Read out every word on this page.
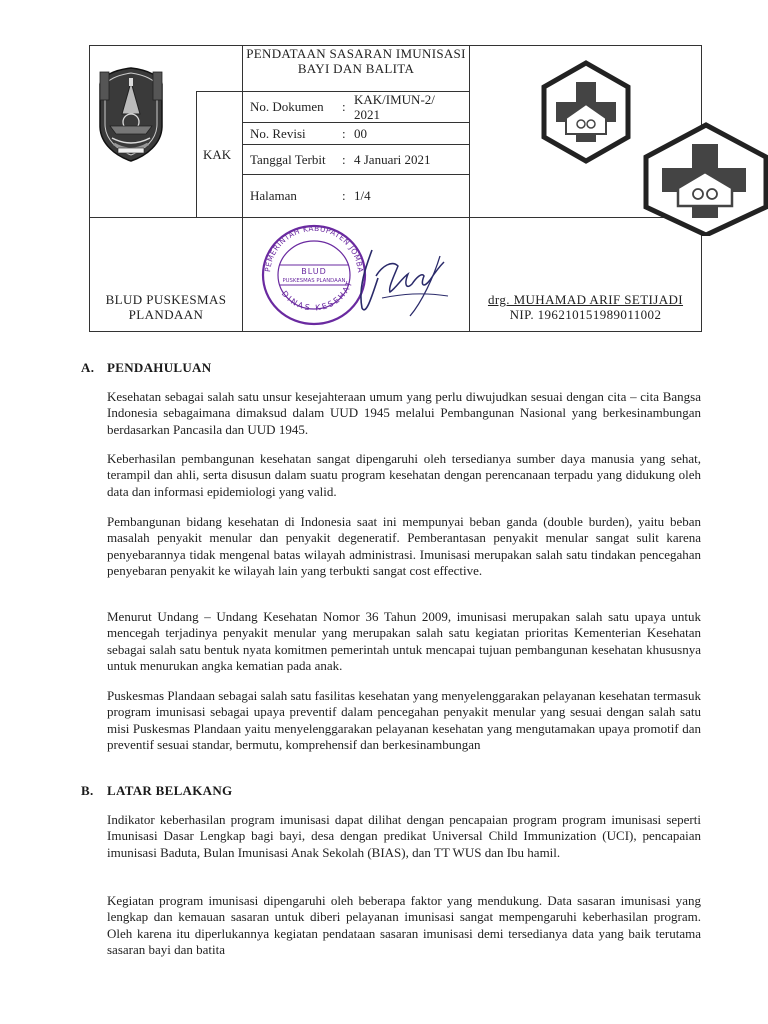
PENDATAAN SASARAN IMUNISASI
BAYI DAN BALITA
KAK
No. Dokumen : KAK/IMUN-2/
2021
No. Revisi	: 00
Tanggal Terbit : 4 Januari 2021
Halaman	: 1/4
BLUD PUSKESMAS
PLANDAAN
drg. MUHAMAD ARIF SETIJADI
NIP. 196210151989011002
PEMERINTAH KABUPATEN JOMBA
DINAS KESEHAT
BLUD
PUSKESMAS PLANDAAN
A. PENDAHULUAN
Kesehatan sebagai salah satu unsur kesejahteraan umum yang perlu diwujudkan sesuai dengan cita – cita Bangsa Indonesia sebagaimana dimaksud dalam UUD 1945 melalui Pembangunan Nasional yang berkesinambungan berdasarkan Pancasila dan UUD 1945.
Keberhasilan pembangunan kesehatan sangat dipengaruhi oleh tersedianya sumber daya manusia yang sehat, terampil dan ahli, serta disusun dalam suatu program kesehatan dengan perencanaan terpadu yang didukung oleh data dan informasi epidemiologi yang valid.
Pembangunan bidang kesehatan di Indonesia saat ini mempunyai beban ganda (double burden), yaitu beban masalah penyakit menular dan penyakit degeneratif. Pemberantasan penyakit menular sangat sulit karena penyebarannya tidak mengenal batas wilayah administrasi. Imunisasi merupakan salah satu tindakan pencegahan penyebaran penyakit ke wilayah lain yang terbukti sangat cost effective.
Menurut Undang – Undang Kesehatan Nomor 36 Tahun 2009, imunisasi merupakan salah satu upaya untuk mencegah terjadinya penyakit menular yang merupakan salah satu kegiatan prioritas Kementerian Kesehatan sebagai salah satu bentuk nyata komitmen pemerintah untuk mencapai tujuan pembangunan kesehatan khususnya untuk menurukan angka kematian pada anak.
Puskesmas Plandaan sebagai salah satu fasilitas kesehatan yang menyelenggarakan pelayanan kesehatan termasuk program imunisasi sebagai upaya preventif dalam pencegahan penyakit menular yang sesuai dengan salah satu misi Puskesmas Plandaan yaitu menyelenggarakan pelayanan kesehatan yang mengutamakan upaya promotif dan preventif sesuai standar, bermutu, komprehensif dan berkesinambungan
B. LATAR BELAKANG
Indikator keberhasilan program imunisasi dapat dilihat dengan pencapaian program program imunisasi seperti Imunisasi Dasar Lengkap bagi bayi, desa dengan predikat Universal Child Immunization (UCI), pencapaian imunisasi Baduta, Bulan Imunisasi Anak Sekolah (BIAS), dan TT WUS dan Ibu hamil.
Kegiatan program imunisasi dipengaruhi oleh beberapa faktor yang mendukung. Data sasaran imunisasi yang lengkap dan kemauan sasaran untuk diberi pelayanan imunisasi sangat mempengaruhi keberhasilan program. Oleh karena itu diperlukannya kegiatan pendataan sasaran imunisasi demi tersedianya data yang baik terutama sasaran bayi dan batita
